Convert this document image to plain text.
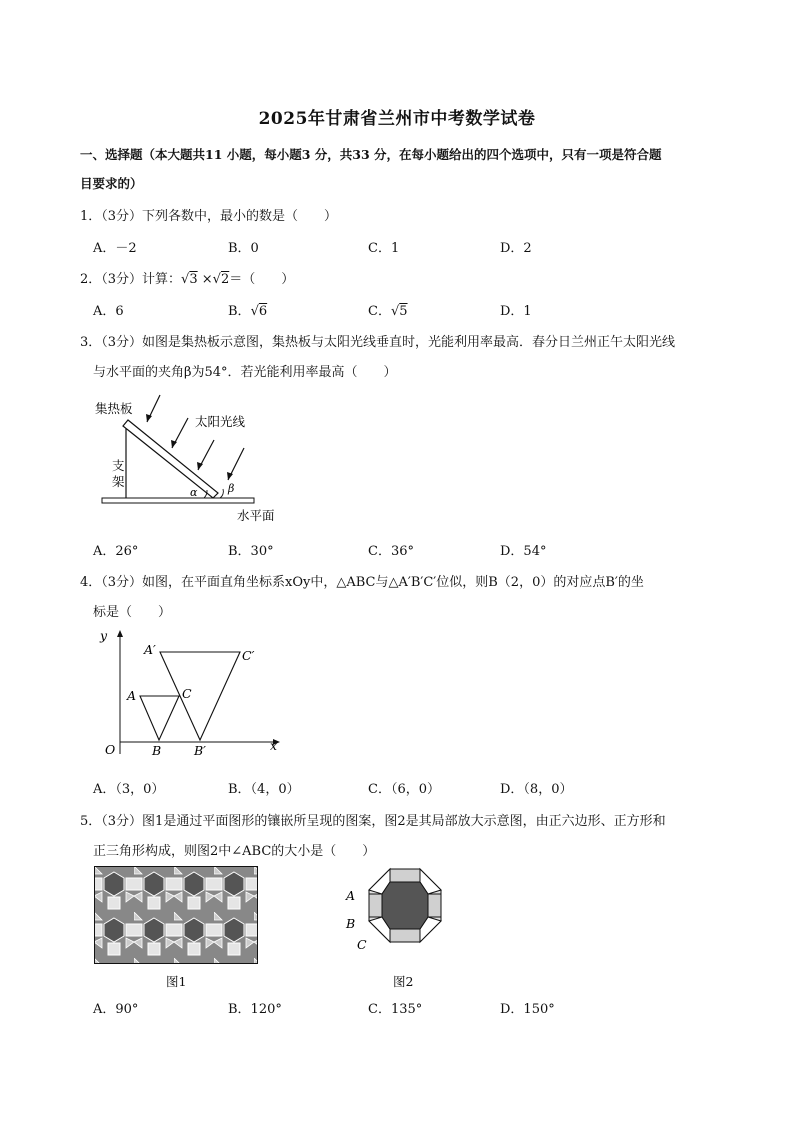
2025年甘肃省兰州市中考数学试卷
一、选择题（本大题共11 小题，每小题3 分，共33 分，在每小题给出的四个选项中，只有一项是符合题
目要求的）
1．（3分）下列各数中，最小的数是（　　）
A．－2	B．0	C．1	D．2
2．（3分）计算：√3 ×√2＝（　　）
A．6	B．√6	C．√5	D．1
3．（3分）如图是集热板示意图，集热板与太阳光线垂直时，光能利用率最高．春分日兰州正午太阳光线
与水平面的夹角β为54°．若光能利用率最高（　　）
集热板
太阳光线
支
架
α	β
水平面
A．26°	B．30°	C．36°	D．54°
4．（3分）如图，在平面直角坐标系xOy中，△ABC与△A′B′C′位似，则B（2，0）的对应点B′的坐
标是（　　）
y
x
O
A
B
C
A′
B′
C′
A．（3，0）	B．（4，0）	C．（6，0）	D．（8，0）
5．（3分）图1是通过平面图形的镶嵌所呈现的图案，图2是其局部放大示意图，由正六边形、正方形和
正三角形构成，则图2中∠ABC的大小是（　　）
图1
A
B
C
图2
A．90°	B．120°	C．135°	D．150°
